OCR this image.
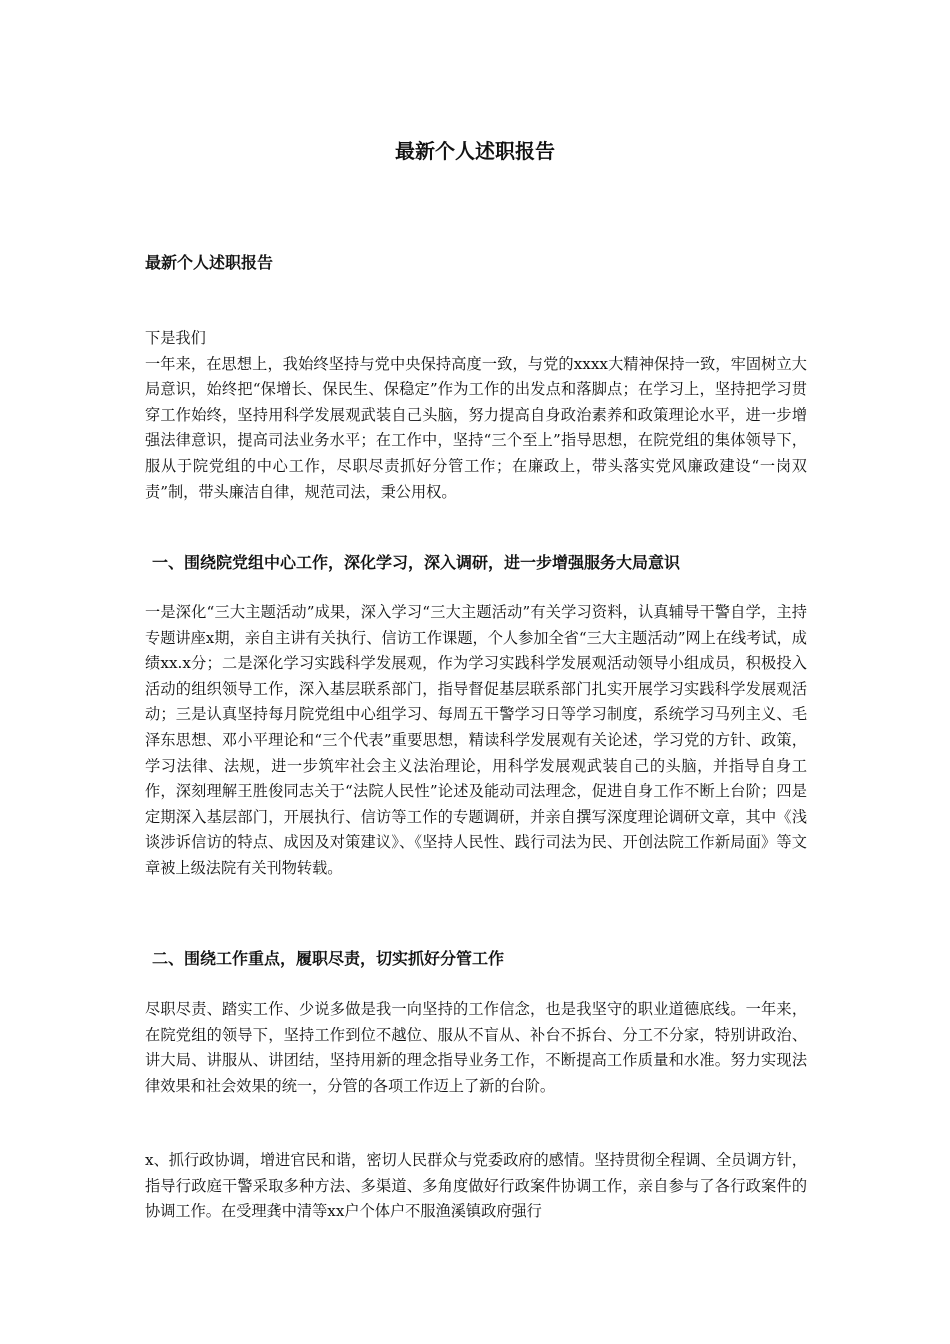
最新个人述职报告
最新个人述职报告
下是我们
一年来，在思想上，我始终坚持与党中央保持高度一致，与党的xxxx大精神保持一致，牢固树立大局意识，始终把“保增长、保民生、保稳定”作为工作的出发点和落脚点；在学习上，坚持把学习贯穿工作始终，坚持用科学发展观武装自己头脑，努力提高自身政治素养和政策理论水平，进一步增强法律意识，提高司法业务水平；在工作中，坚持“三个至上”指导思想，在院党组的集体领导下，服从于院党组的中心工作，尽职尽责抓好分管工作；在廉政上，带头落实党风廉政建设“一岗双责”制，带头廉洁自律，规范司法，秉公用权。
一、围绕院党组中心工作，深化学习，深入调研，进一步增强服务大局意识

一是深化“三大主题活动”成果，深入学习“三大主题活动”有关学习资料，认真辅导干警自学，主持专题讲座x期，亲自主讲有关执行、信访工作课题，个人参加全省“三大主题活动”网上在线考试，成绩xx.x分；二是深化学习实践科学发展观，作为学习实践科学发展观活动领导小组成员，积极投入活动的组织领导工作，深入基层联系部门，指导督促基层联系部门扎实开展学习实践科学发展观活动；三是认真坚持每月院党组中心组学习、每周五干警学习日等学习制度，系统学习马列主义、毛泽东思想、邓小平理论和“三个代表”重要思想，精读科学发展观有关论述，学习党的方针、政策，学习法律、法规，进一步筑牢社会主义法治理论，用科学发展观武装自己的头脑，并指导自身工作，深刻理解王胜俊同志关于“法院人民性”论述及能动司法理念，促进自身工作不断上台阶；四是定期深入基层部门，开展执行、信访等工作的专题调研，并亲自撰写深度理论调研文章，其中《浅谈涉诉信访的特点、成因及对策建议》、《坚持人民性、践行司法为民、开创法院工作新局面》等文章被上级法院有关刊物转载。

二、围绕工作重点，履职尽责，切实抓好分管工作

尽职尽责、踏实工作、少说多做是我一向坚持的工作信念，也是我坚守的职业道德底线。一年来，在院党组的领导下，坚持工作到位不越位、服从不盲从、补台不拆台、分工不分家，特别讲政治、讲大局、讲服从、讲团结，坚持用新的理念指导业务工作，不断提高工作质量和水准。努力实现法律效果和社会效果的统一，分管的各项工作迈上了新的台阶。

x、抓行政协调，增进官民和谐，密切人民群众与党委政府的感情。坚持贯彻全程调、全员调方针，指导行政庭干警采取多种方法、多渠道、多角度做好行政案件协调工作，亲自参与了各行政案件的协调工作。在受理龚中清等xx户个体户不服渔溪镇政府强行
